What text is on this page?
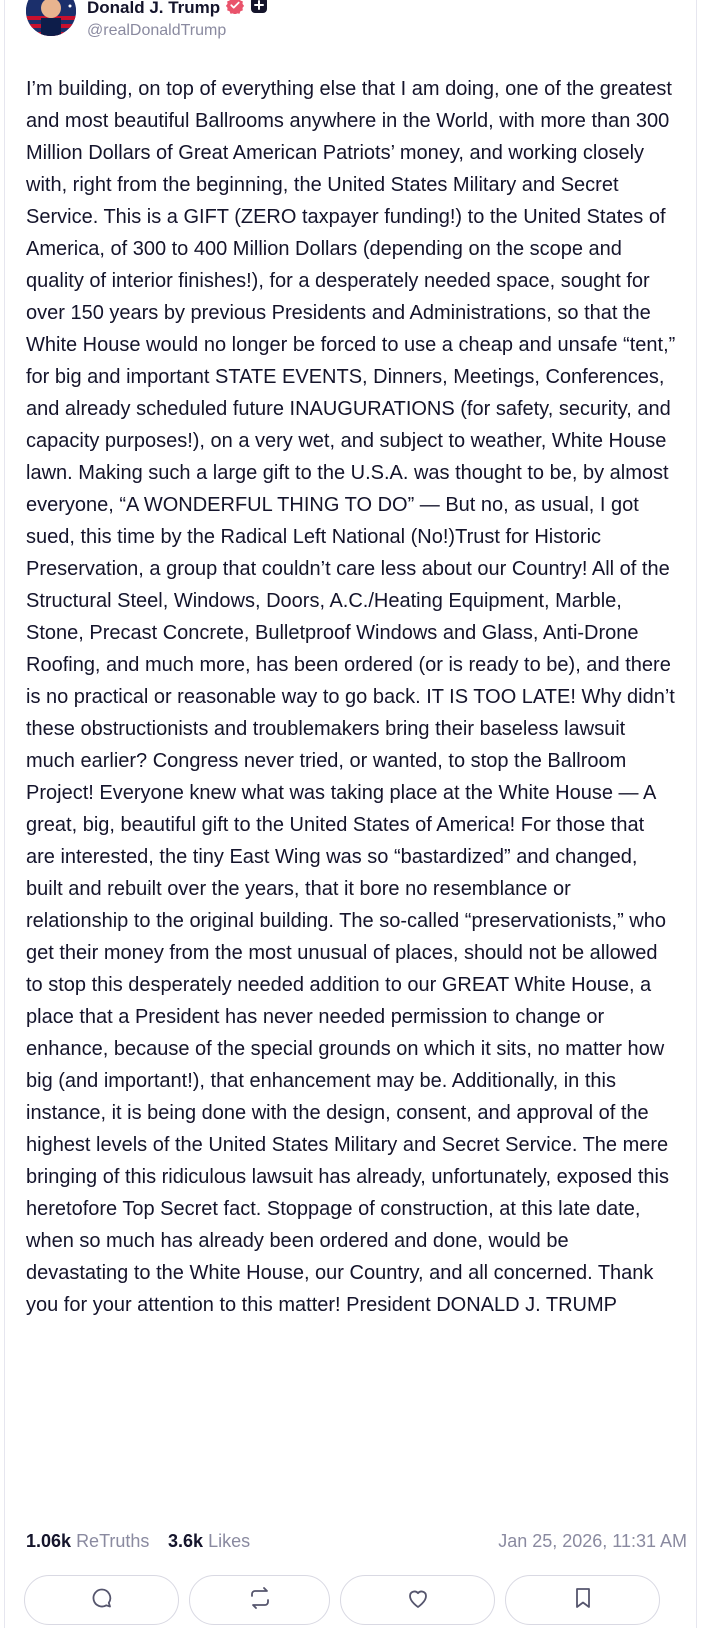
Donald J. Trump
@realDonaldTrump

I’m building, on top of everything else that I am doing, one of the greatest and most beautiful Ballrooms anywhere in the World, with more than 300 Million Dollars of Great American Patriots’ money, and working closely with, right from the beginning, the United States Military and Secret Service. This is a GIFT (ZERO taxpayer funding!) to the United States of America, of 300 to 400 Million Dollars (depending on the scope and quality of interior finishes!), for a desperately needed space, sought for over 150 years by previous Presidents and Administrations, so that the White House would no longer be forced to use a cheap and unsafe “tent,” for big and important STATE EVENTS, Dinners, Meetings, Conferences, and already scheduled future INAUGURATIONS (for safety, security, and capacity purposes!), on a very wet, and subject to weather, White House lawn. Making such a large gift to the U.S.A. was thought to be, by almost everyone, “A WONDERFUL THING TO DO” — But no, as usual, I got sued, this time by the Radical Left National (No!)Trust for Historic Preservation, a group that couldn’t care less about our Country! All of the Structural Steel, Windows, Doors, A.C./Heating Equipment, Marble, Stone, Precast Concrete, Bulletproof Windows and Glass, Anti-Drone Roofing, and much more, has been ordered (or is ready to be), and there is no practical or reasonable way to go back. IT IS TOO LATE! Why didn’t these obstructionists and troublemakers bring their baseless lawsuit much earlier? Congress never tried, or wanted, to stop the Ballroom Project! Everyone knew what was taking place at the White House — A great, big, beautiful gift to the United States of America! For those that are interested, the tiny East Wing was so “bastardized” and changed, built and rebuilt over the years, that it bore no resemblance or relationship to the original building. The so-called “preservationists,” who get their money from the most unusual of places, should not be allowed to stop this desperately needed addition to our GREAT White House, a place that a President has never needed permission to change or enhance, because of the special grounds on which it sits, no matter how big (and important!), that enhancement may be. Additionally, in this instance, it is being done with the design, consent, and approval of the highest levels of the United States Military and Secret Service. The mere bringing of this ridiculous lawsuit has already, unfortunately, exposed this heretofore Top Secret fact. Stoppage of construction, at this late date, when so much has already been ordered and done, would be devastating to the White House, our Country, and all concerned. Thank you for your attention to this matter! President DONALD J. TRUMP

1.06k ReTruths 3.6k Likes	Jan 25, 2026, 11:31 AM
